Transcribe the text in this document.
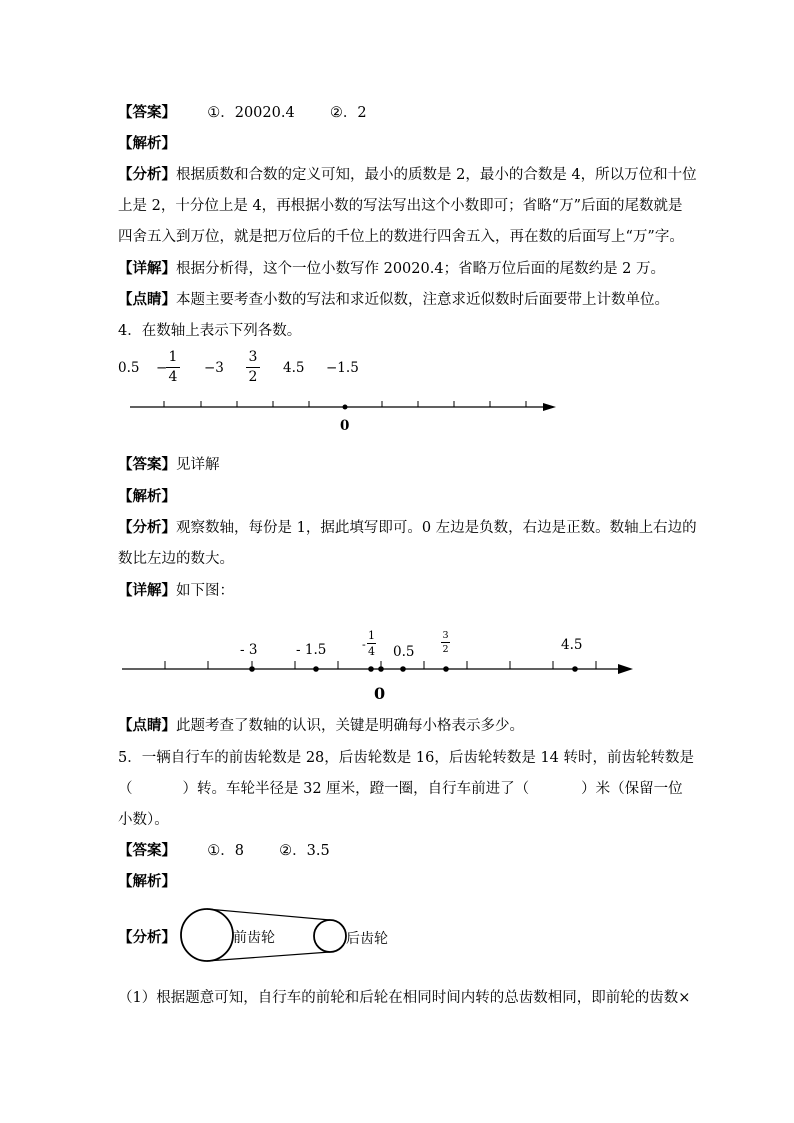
【答案】 ①．20020.4 ②．2
【解析】
【分析】根据质数和合数的定义可知，最小的质数是 2，最小的合数是 4，所以万位和十位
上是 2，十分位上是 4，再根据小数的写法写出这个小数即可；省略“万”后面的尾数就是
四舍五入到万位，就是把万位后的千位上的数进行四舍五入，再在数的后面写上“万”字。
【详解】根据分析得，这个一位小数写作 20020.4；省略万位后面的尾数约是 2 万。
【点睛】本题主要考查小数的写法和求近似数，注意求近似数时后面要带上计数单位。
4．在数轴上表示下列各数。
0.5 −
1
4
−3
3
2
4.5 −1.5
0
【答案】见详解
【解析】
【分析】观察数轴，每份是 1，据此填写即可。0 左边是负数，右边是正数。数轴上右边的
数比左边的数大。
【详解】如下图：
- 3	- 1.5	-
1
4 0.5
3
2	4.5
0
【点睛】此题考查了数轴的认识，关键是明确每小格表示多少。
5．一辆自行车的前齿轮数是 28，后齿轮数是 16，后齿轮转数是 14 转时，前齿轮转数是
（	）转。车轮半径是 32 厘米，蹬一圈，自行车前进了（	）米（保留一位
小数）。
【答案】 ①．8 ②．3.5
【解析】
【分析】	前齿轮	后齿轮
（1）根据题意可知，自行车的前轮和后轮在相同时间内转的总齿数相同，即前轮的齿数×
